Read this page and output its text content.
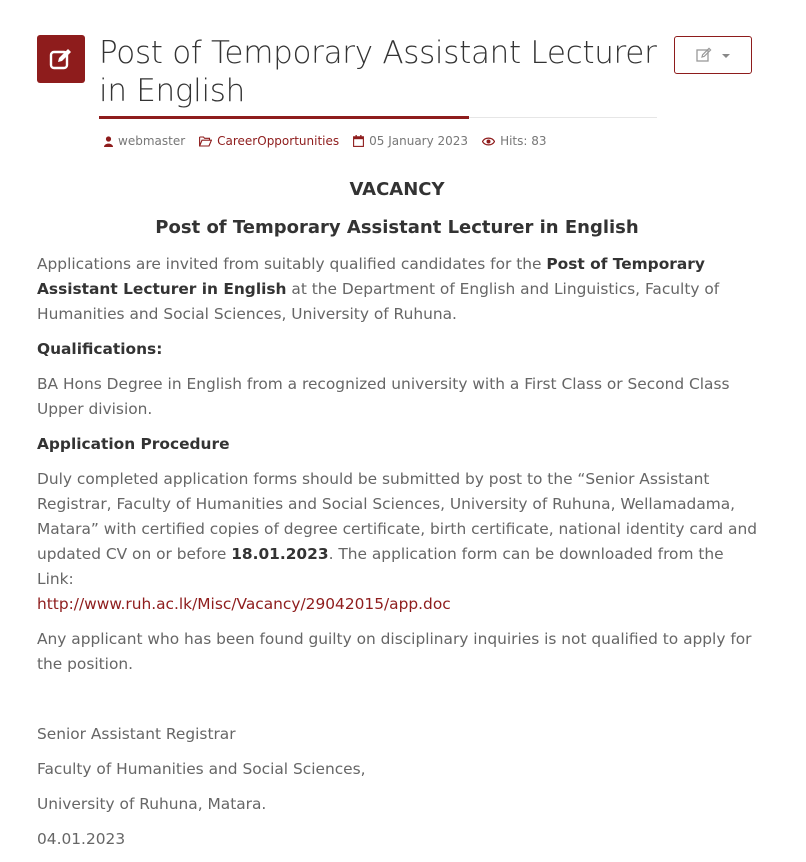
Post of Temporary Assistant Lecturer in English
webmaster	CareerOpportunities	05 January 2023	Hits: 83

VACANCY

Post of Temporary Assistant Lecturer in English

Applications are invited from suitably qualified candidates for the Post of Temporary Assistant Lecturer in English at the Department of English and Linguistics, Faculty of Humanities and Social Sciences, University of Ruhuna.

Qualifications:

BA Hons Degree in English from a recognized university with a First Class or Second Class Upper division.

Application Procedure

Duly completed application forms should be submitted by post to the “Senior Assistant Registrar, Faculty of Humanities and Social Sciences, University of Ruhuna, Wellamadama, Matara” with certified copies of degree certificate, birth certificate, national identity card and updated CV on or before 18.01.2023. The application form can be downloaded from the Link:
http://www.ruh.ac.lk/Misc/Vacancy/29042015/app.doc

Any applicant who has been found guilty on disciplinary inquiries is not qualified to apply for the position.

Senior Assistant Registrar

Faculty of Humanities and Social Sciences,

University of Ruhuna, Matara.

04.01.2023
